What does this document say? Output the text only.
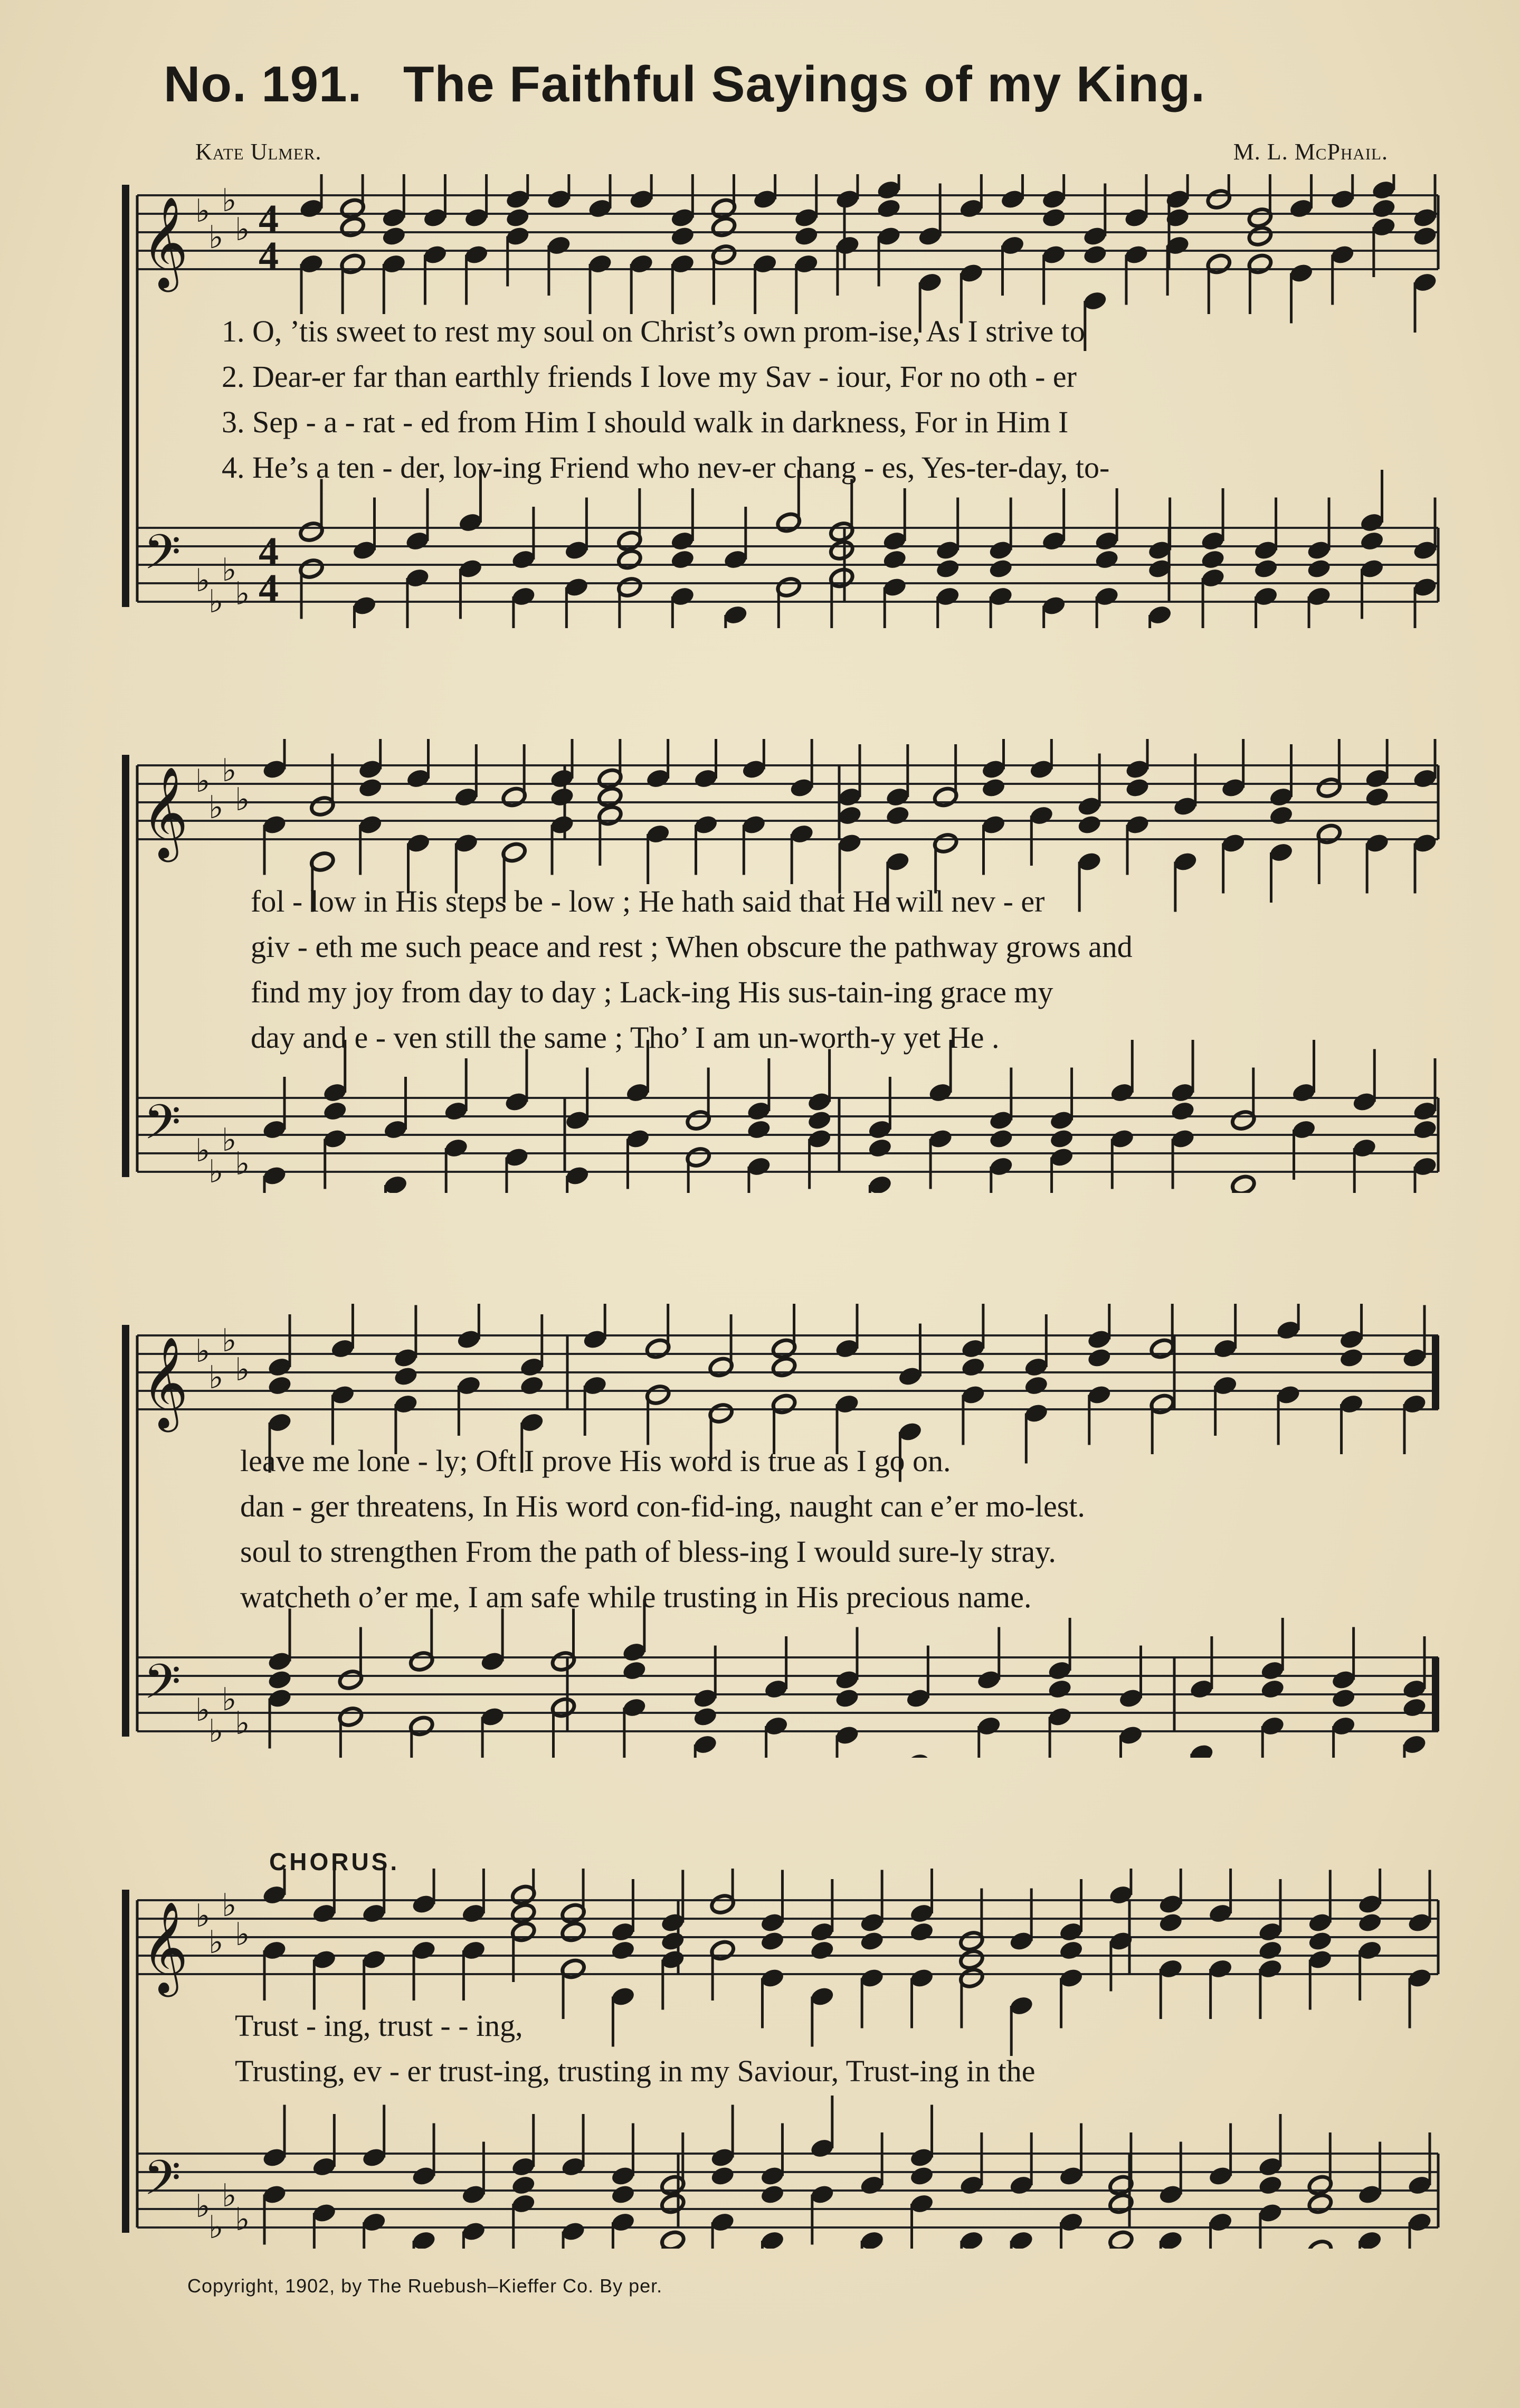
No. 191. The Faithful Sayings of my King.
Kate Ulmer.	M. L. McPhail.
𝄞
𝄢
♭
♭
♭
♭
♭
♭
♭
♭
4
4
4
4
1. O, ’tis sweet to rest my soul on Christ’s own prom-ise, As I strive to
2. Dear-er far than earthly friends I love my Sav - iour, For no oth - er
3. Sep - a - rat - ed from Him I should walk in darkness, For in Him I
4. He’s a ten - der, lov-ing Friend who nev-er chang - es, Yes-ter-day, to-
𝄞
𝄢
♭
♭
♭
♭
♭
♭
♭
♭
fol - low in His steps be - low ; He hath said that He will nev - er
giv - eth me such peace and rest ; When obscure the pathway grows and
find my joy from day to day ; Lack-ing His sus-tain-ing grace my
day and e - ven still the same ; Tho’ I am un-worth-y yet He .
𝄞
𝄢
♭
♭
♭
♭
♭
♭
♭
♭
leave me lone - ly; Oft I prove His word is true as I go on.
dan - ger threatens, In His word con-fid-ing, naught can e’er mo-lest.
soul to strengthen From the path of bless-ing I would sure-ly stray.
watcheth o’er me, I am safe while trusting in His precious name.
CHORUS.
𝄞
𝄢
♭
♭
♭
♭
♭
♭
♭
♭
Trust - ing, trust - - ing,
Trusting, ev - er trust-ing, trusting in my Saviour, Trust-ing in the
Copyright, 1902, by The Ruebush–Kieffer Co. By per.
